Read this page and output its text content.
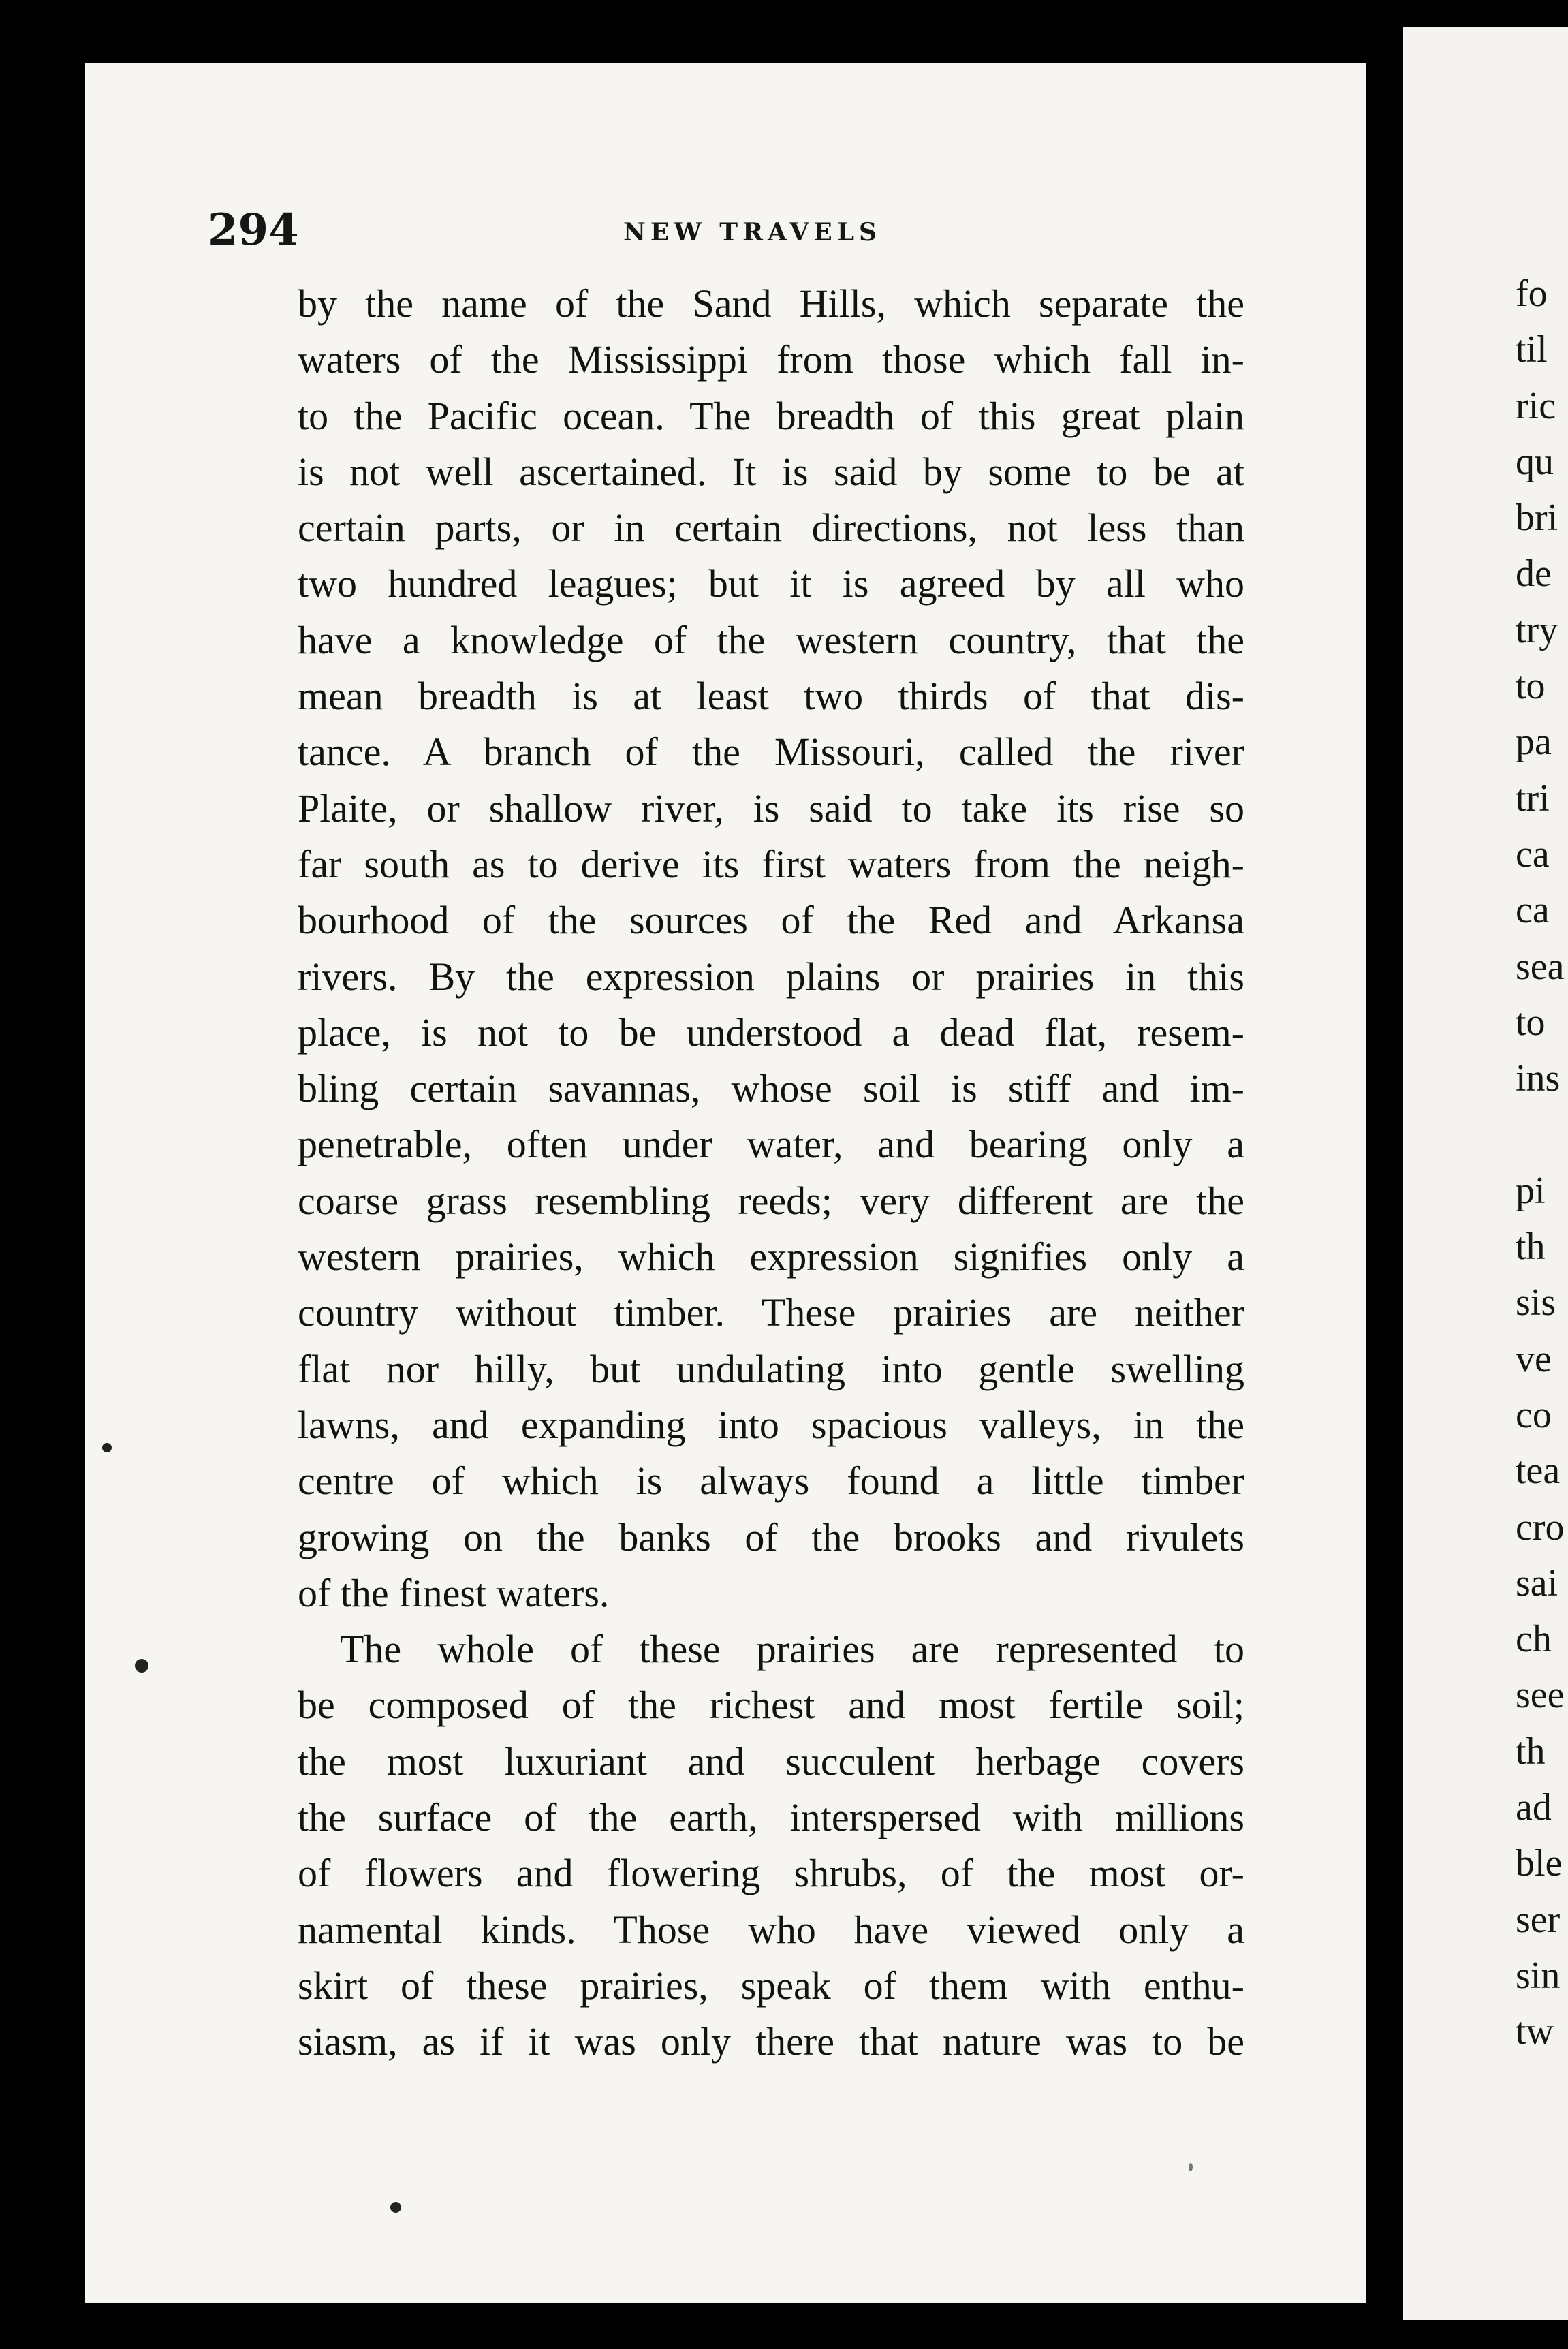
294	NEW TRAVELS
by the name of the Sand Hills, which separate the
waters of the Mississippi from those which fall in-
to the Pacific ocean. The breadth of this great plain
is not well ascertained. It is said by some to be at
certain parts, or in certain directions, not less than
two hundred leagues; but it is agreed by all who
have a knowledge of the western country, that the
mean breadth is at least two thirds of that dis-
tance. A branch of the Missouri, called the river
Plaite, or shallow river, is said to take its rise so
far south as to derive its first waters from the neigh-
bourhood of the sources of the Red and Arkansa
rivers. By the expression plains or prairies in this
place, is not to be understood a dead flat, resem-
bling certain savannas, whose soil is stiff and im-
penetrable, often under water, and bearing only a
coarse grass resembling reeds; very different are the
western prairies, which expression signifies only a
country without timber. These prairies are neither
flat nor hilly, but undulating into gentle swelling
lawns, and expanding into spacious valleys, in the
centre of which is always found a little timber
growing on the banks of the brooks and rivulets
of the finest waters.
The whole of these prairies are represented to
be composed of the richest and most fertile soil;
the most luxuriant and succulent herbage covers
the surface of the earth, interspersed with millions
of flowers and flowering shrubs, of the most or-
namental kinds. Those who have viewed only a
skirt of these prairies, speak of them with enthu-
siasm, as if it was only there that nature was to be
fo
til
ric
qu
bri
de
try
to
pa
tri
ca
ca
sea
to
ins
pi
th
sis
ve
co
tea
cro
sai
ch
see
th
ad
ble
ser
sin
tw
